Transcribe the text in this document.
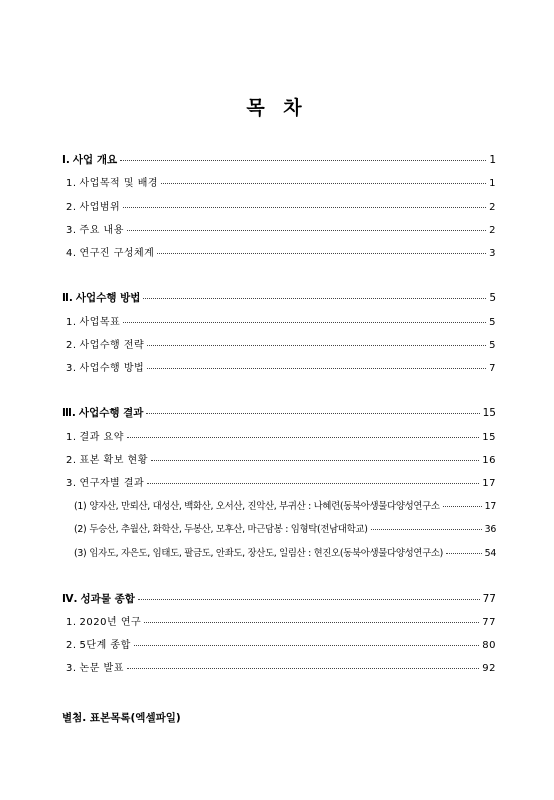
목 차
Ⅰ. 사업 개요	1
1. 사업목적 및 배경	1
2. 사업범위	2
3. 주요 내용	2
4. 연구진 구성체계	3
Ⅱ. 사업수행 방법	5
1. 사업목표	5
2. 사업수행 전략	5
3. 사업수행 방법	7
Ⅲ. 사업수행 결과	15
1. 결과 요약	15
2. 표본 확보 현황	16
3. 연구자별 결과	17
(1) 양자산, 만뢰산, 대성산, 백화산, 오서산, 진악산, 부귀산 : 나혜련(동북아생물다양성연구소	17
(2) 두승산, 추월산, 화학산, 두봉산, 모후산, 마근담봉 : 임형탁(전남대학교)	36
(3) 임자도, 자은도, 임태도, 팔금도, 안좌도, 장산도, 일림산 : 현진오(동북아생물다양성연구소)	54
Ⅳ. 성과물 종합	77
1. 2020년 연구	77
2. 5단계 종합	80
3. 논문 발표	92
별첨. 표본목록(엑셀파일)
